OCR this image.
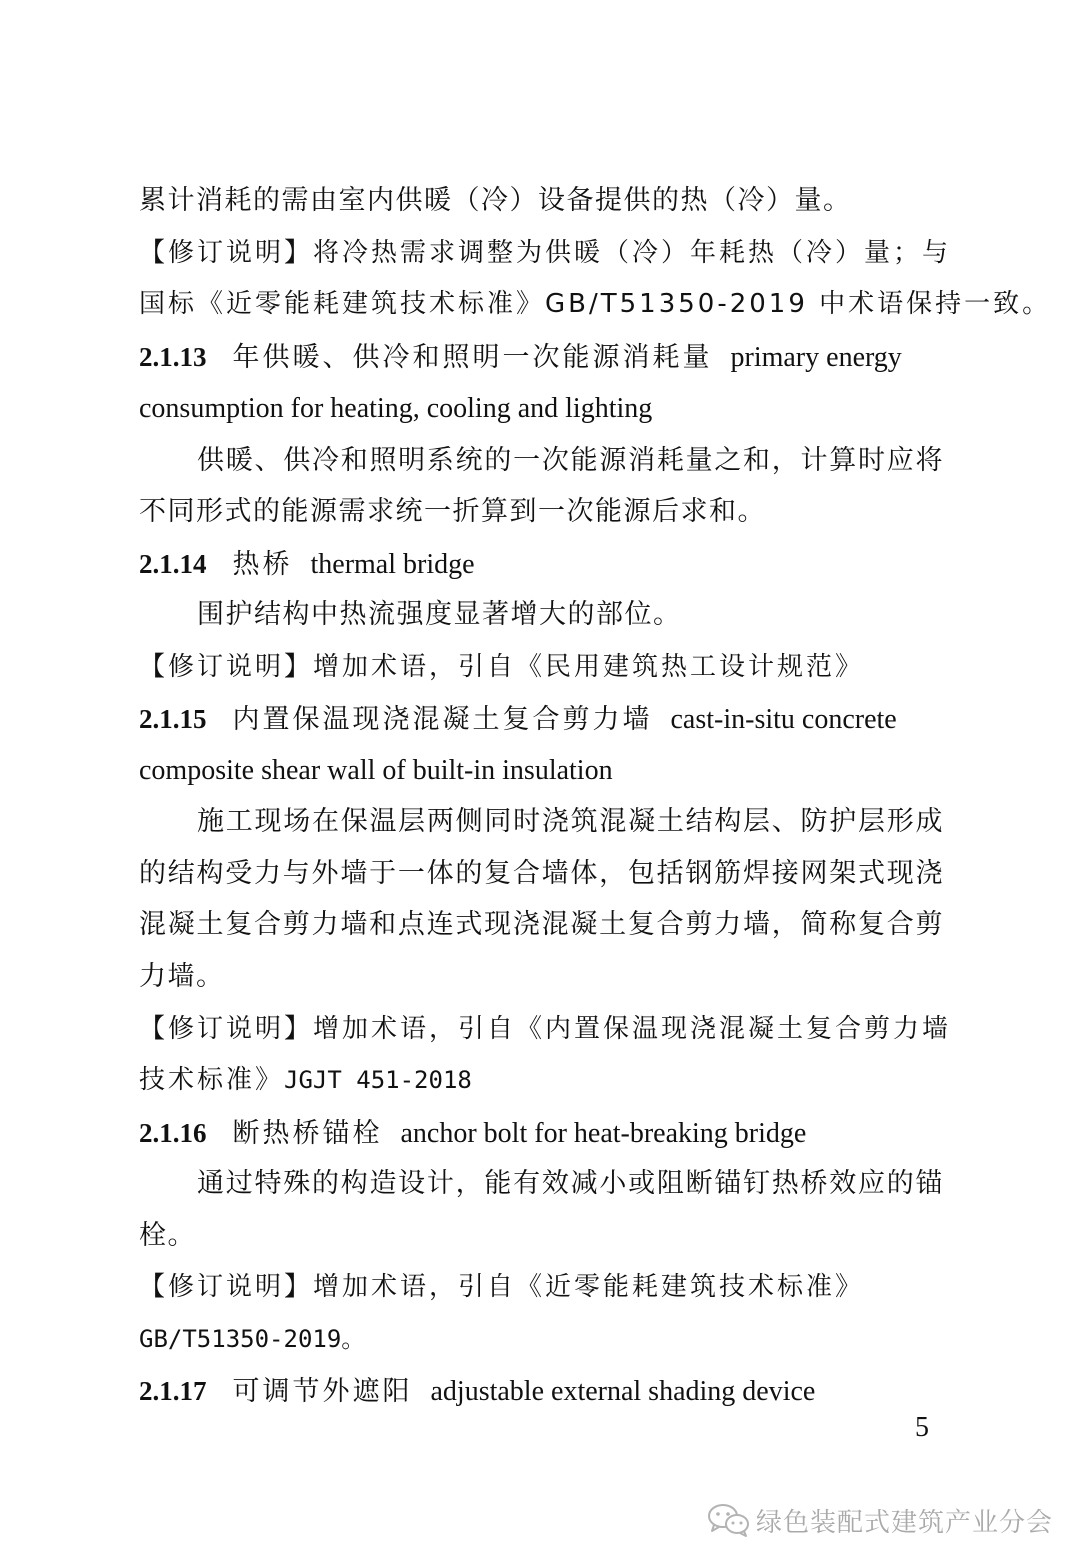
累计消耗的需由室内供暖（冷）设备提供的热（冷）量。
【修订说明】将冷热需求调整为供暖（冷）年耗热（冷）量；与
国标《近零能耗建筑技术标准》GB/T51350-2019 中术语保持一致。
2.1.13 年供暖、供冷和照明一次能源消耗量 primary energy
consumption for heating, cooling and lighting
供暖、供冷和照明系统的一次能源消耗量之和，计算时应将
不同形式的能源需求统一折算到一次能源后求和。
2.1.14 热桥 thermal bridge
围护结构中热流强度显著增大的部位。
【修订说明】增加术语，引自《民用建筑热工设计规范》
2.1.15 内置保温现浇混凝土复合剪力墙 cast-in-situ concrete
composite shear wall of built-in insulation
施工现场在保温层两侧同时浇筑混凝土结构层、防护层形成
的结构受力与外墙于一体的复合墙体，包括钢筋焊接网架式现浇
混凝土复合剪力墙和点连式现浇混凝土复合剪力墙，简称复合剪
力墙。
【修订说明】增加术语，引自《内置保温现浇混凝土复合剪力墙
技术标准》JGJT 451-2018
2.1.16 断热桥锚栓 anchor bolt for heat-breaking bridge
通过特殊的构造设计，能有效减小或阻断锚钉热桥效应的锚
栓。
【修订说明】增加术语，引自《近零能耗建筑技术标准》
GB/T51350-2019。
2.1.17 可调节外遮阳 adjustable external shading device
5
绿色装配式建筑产业分会
